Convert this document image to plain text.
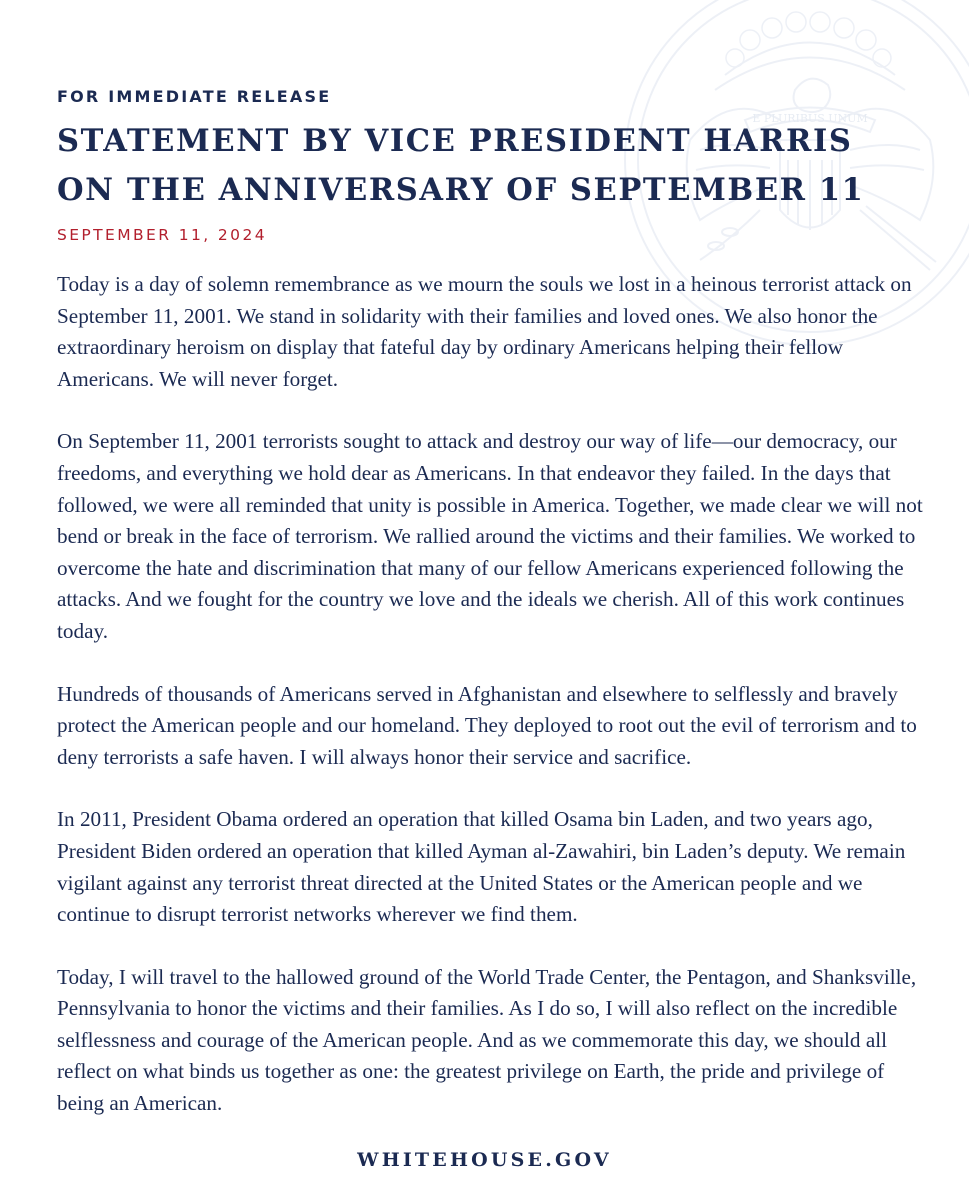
E PLURIBUS UNUM

FOR IMMEDIATE RELEASE

STATEMENT BY VICE PRESIDENT HARRIS
ON THE ANNIVERSARY OF SEPTEMBER 11

SEPTEMBER 11, 2024

Today is a day of solemn remembrance as we mourn the souls we lost in a heinous terrorist attack on September 11, 2001. We stand in solidarity with their families and loved ones. We also honor the extraordinary heroism on display that fateful day by ordinary Americans helping their fellow Americans. We will never forget.

On September 11, 2001 terrorists sought to attack and destroy our way of life—our democracy, our freedoms, and everything we hold dear as Americans. In that endeavor they failed. In the days that followed, we were all reminded that unity is possible in America. Together, we made clear we will not bend or break in the face of terrorism. We rallied around the victims and their families. We worked to overcome the hate and discrimination that many of our fellow Americans experienced following the attacks. And we fought for the country we love and the ideals we cherish. All of this work continues today.

Hundreds of thousands of Americans served in Afghanistan and elsewhere to selflessly and bravely protect the American people and our homeland. They deployed to root out the evil of terrorism and to deny terrorists a safe haven. I will always honor their service and sacrifice.

In 2011, President Obama ordered an operation that killed Osama bin Laden, and two years ago, President Biden ordered an operation that killed Ayman al-Zawahiri, bin Laden’s deputy. We remain vigilant against any terrorist threat directed at the United States or the American people and we continue to disrupt terrorist networks wherever we find them.

Today, I will travel to the hallowed ground of the World Trade Center, the Pentagon, and Shanksville, Pennsylvania to honor the victims and their families. As I do so, I will also reflect on the incredible selflessness and courage of the American people. And as we commemorate this day, we should all reflect on what binds us together as one: the greatest privilege on Earth, the pride and privilege of being an American.

WHITEHOUSE.GOV
